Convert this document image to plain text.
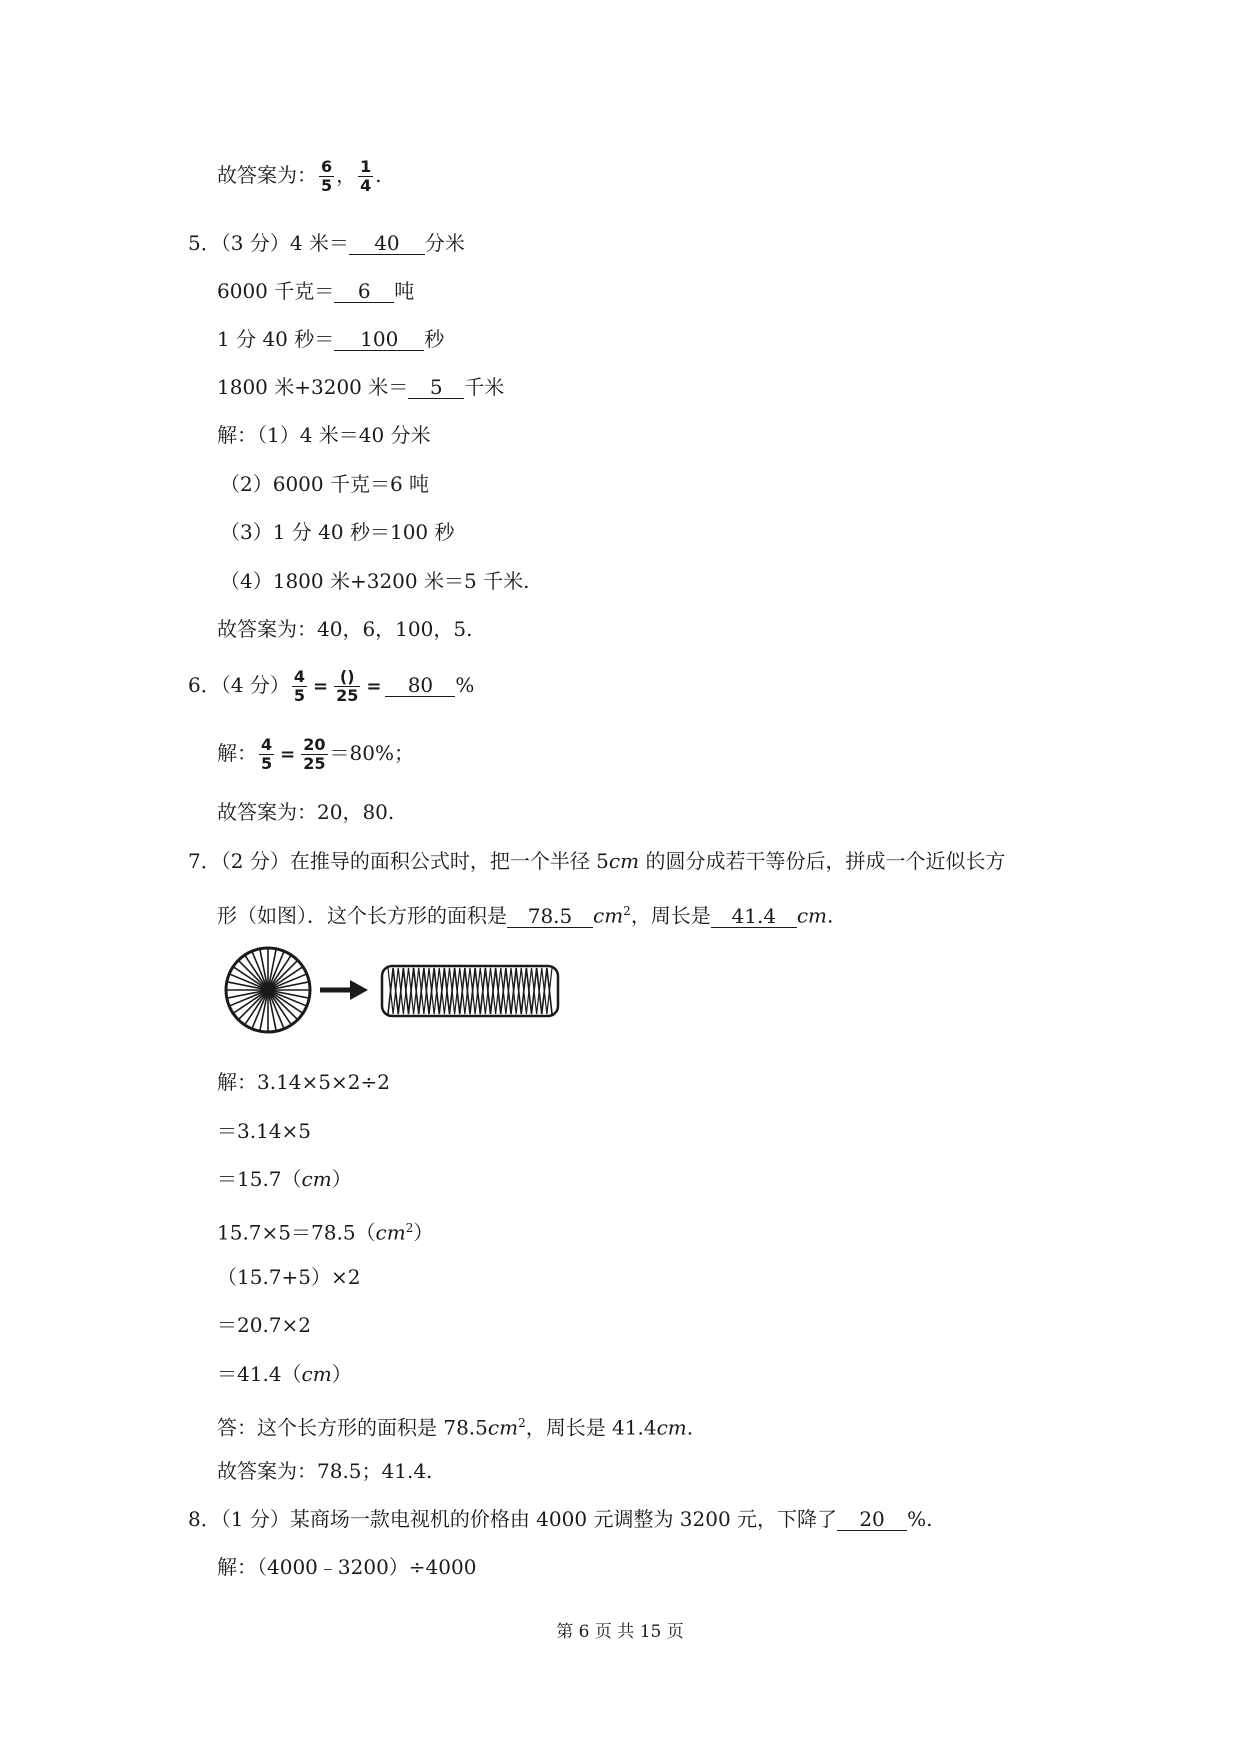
故答案为： $\frac{6}{5}$ ， $\frac{1}{4}$ .
5．（3 分）4 米＝ 40 分米
6000 千克＝ 6 吨
1 分 40 秒＝ 100 秒
1800 米+3200 米＝ 5 千米
解：（1）4 米＝40 分米
（2）6000 千克＝6 吨
（3）1 分 40 秒＝100 秒
（4）1800 米+3200 米＝5 千米.
故答案为：40，6，100，5.
6．（4 分） $\frac{4}{5} = \frac{()}{25} = 80$ %
解： $\frac{4}{5} = \frac{20}{25} =80\%$；
故答案为：20，80.
7．（2 分）在推导的面积公式时，把一个半径 5cm 的圆分成若干等份后，拼成一个近似长方
形（如图）．这个长方形的面积是 78.5 $cm^2$，周长是 41.4 cm.
解：3.14×5×2÷2
＝3.14×5
＝15.7（cm）
$15.7\times 5=78.5(cm^2)$
（15.7+5）×2
＝20.7×2
＝41.4（cm）
答：这个长方形的面积是 $78.5cm^2$，周长是 41.4cm.
故答案为：78.5；41.4.
8．（1 分）某商场一款电视机的价格由 4000 元调整为 3200 元，下降了 20 %.
解：（4000﹣3200）÷4000
第 6 页 共 15 页
